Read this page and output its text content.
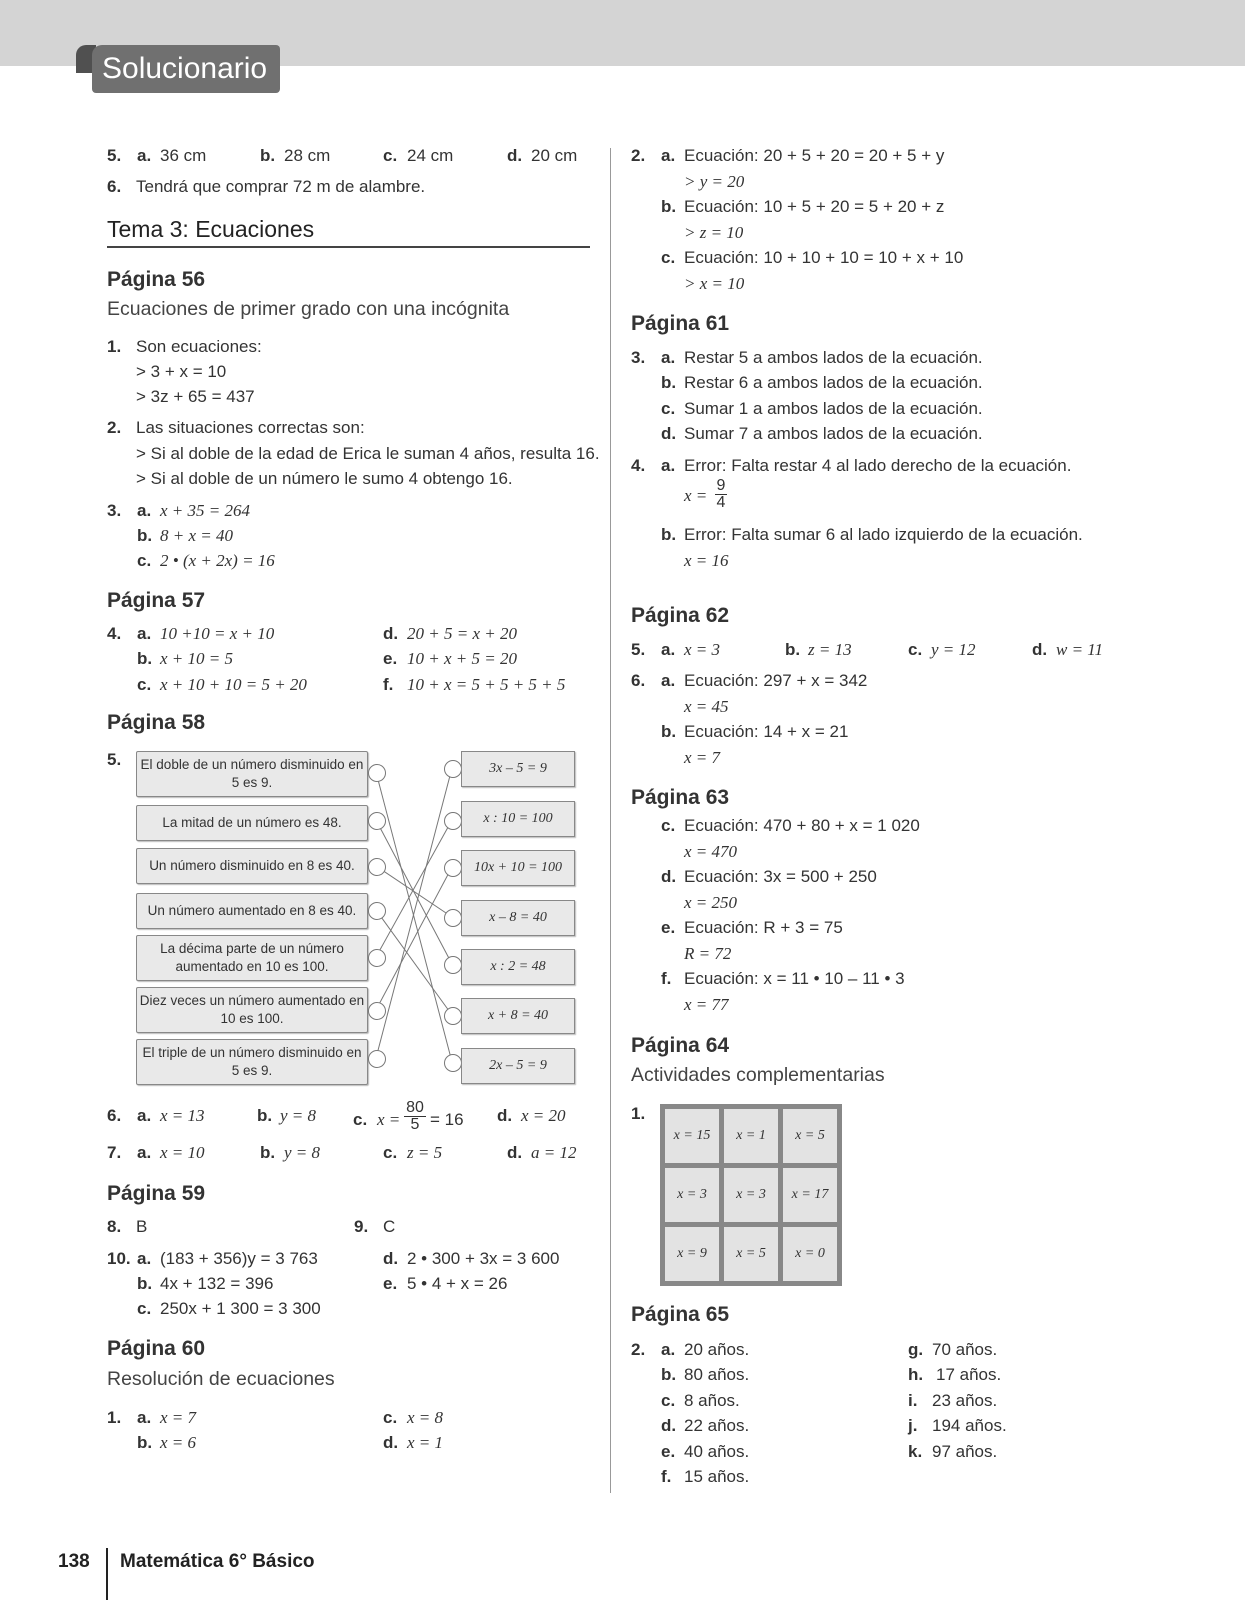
Solucionario
5. a. 36 cm	b. 28 cm	c. 24 cm	d. 20 cm
6. Tendrá que comprar 72 m de alambre.
Tema 3: Ecuaciones
Página 56
Ecuaciones de primer grado con una incógnita
1. Son ecuaciones:
> 3 + x = 10
> 3z + 65 = 437
2. Las situaciones correctas son:
> Si al doble de la edad de Erica le suman 4 años, resulta 16.
> Si al doble de un número le sumo 4 obtengo 16.
3. a. x + 35 = 264
b. 8 + x = 40
c. 2 • (x + 2x) = 16
Página 57
4. a. 10 +10 = x + 10
b. x + 10 = 5
c. x + 10 + 10 = 5 + 20
d. 20 + 5 = x + 20
e. 10 + x + 5 = 20
f. 10 + x = 5 + 5 + 5 + 5
Página 58
5.	El doble de un número disminuido en 5 es 9.
La mitad de un número es 48.
Un número disminuido en 8 es 40.
Un número aumentado en 8 es 40.
La décima parte de un número aumentado en 10 es 100.
Diez veces un número aumentado en 10 es 100.
El triple de un número disminuido en 5 es 9.
3x – 5 = 9
x : 10 = 100
10x + 10 = 100
x – 8 = 40
x : 2 = 48
x + 8 = 40
2x – 5 = 9
6. a. x = 13	b. y = 8 c. $x = \frac{80}{5} = 16$ d. x = 20
7. a. x = 10	b. y = 8	c. z = 5	d. a = 12
Página 59
8. B	9. C
10. a. (183 + 356)y = 3 763
b. 4x + 132 = 396
c. 250x + 1 300 = 3 300
d. 2 • 300 + 3x = 3 600
e. 5 • 4 + x = 26
Página 60
Resolución de ecuaciones
1. a. x = 7
b. x = 6
c. x = 8
d. x = 1
2. a. Ecuación: 20 + 5 + 20 = 20 + 5 + y
> y = 20
b. Ecuación: 10 + 5 + 20 = 5 + 20 + z
> z = 10
c. Ecuación: 10 + 10 + 10 = 10 + x + 10
> x = 10
Página 61
3. a. Restar 5 a ambos lados de la ecuación.
b. Restar 6 a ambos lados de la ecuación.
c. Sumar 1 a ambos lados de la ecuación.
d. Sumar 7 a ambos lados de la ecuación.
4. a. Error: Falta restar 4 al lado derecho de la ecuación.
$x = \frac{9}{4}$
b. Error: Falta sumar 6 al lado izquierdo de la ecuación.
x = 16
Página 62
5. a. x = 3	b. z = 13	c. y = 12	d. w = 11
6. a. Ecuación: 297 + x = 342
x = 45
b. Ecuación: 14 + x = 21
x = 7
Página 63
c. Ecuación: 470 + 80 + x = 1 020
x = 470
d. Ecuación: 3x = 500 + 250
x = 250
e. Ecuación: R + 3 = 75
R = 72
f. Ecuación: x = 11 • 10 – 11 • 3
x = 77
Página 64
Actividades complementarias
1.
x = 15	x = 1	x = 5
x = 3	x = 3	x = 17
x = 9	x = 5	x = 0
Página 65
2. a. 20 años.
b. 80 años.
c. 8 años.
d. 22 años.
e. 40 años.
f. 15 años.
g. 70 años.
h. 17 años.
i. 23 años.
j. 194 años.
k. 97 años.
138 Matemática 6° Básico
